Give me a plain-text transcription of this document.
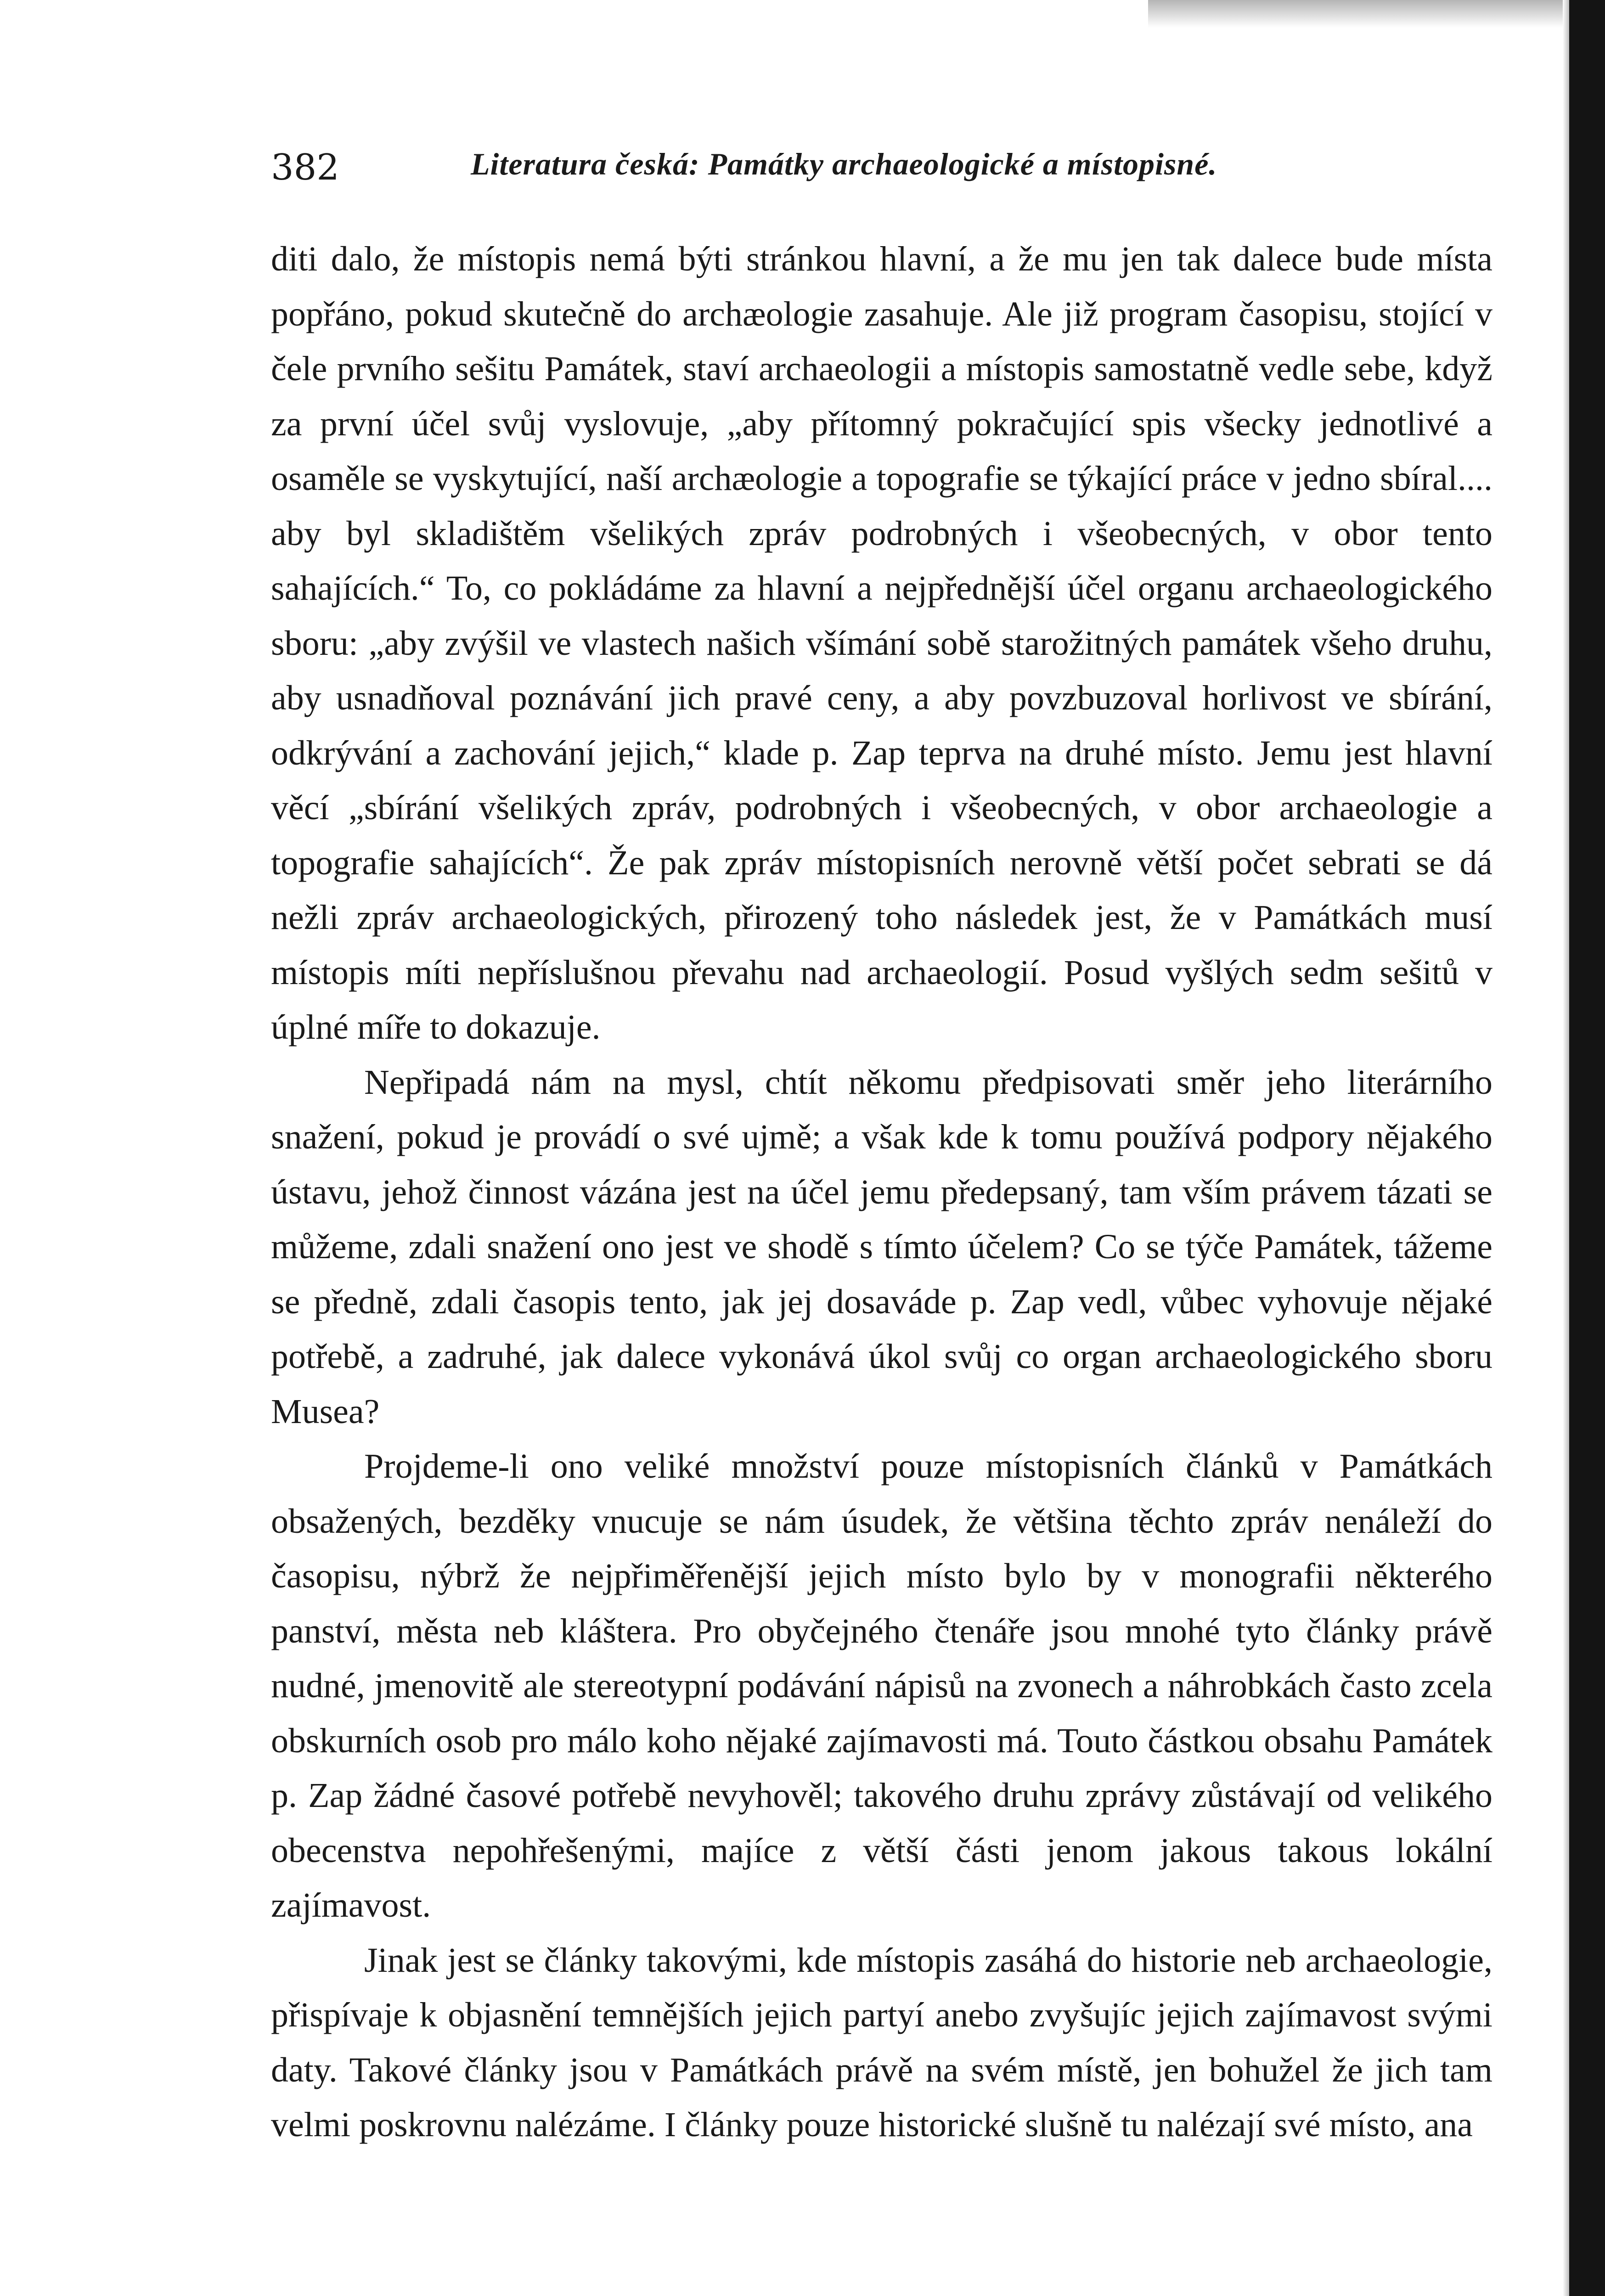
382	Literatura česká: Památky archaeologické a místopisné.

diti dalo, že místopis nemá býti stránkou hlavní, a že mu jen tak dalece bude místa popřáno, pokud skutečně do archæologie zasahuje. Ale již program časopisu, stojící v čele prvního sešitu Památek, staví archaeologii a místopis samostatně vedle sebe, když za první účel svůj vyslovuje, „aby přítomný pokračující spis všecky jednotlivé a osaměle se vyskytující, naší archæologie a topografie se týkající práce v jedno sbíral.... aby byl skladištěm všelikých zpráv podrobných i všeobecných, v obor tento sahajících.“ To, co pokládáme za hlavní a nejpřednější účel organu archaeologického sboru: „aby zvýšil ve vlastech našich všímání sobě starožitných památek všeho druhu, aby usnadňoval poznávání jich pravé ceny, a aby povzbuzoval horlivost ve sbírání, odkrývání a zachování jejich,“ klade p. Zap teprva na druhé místo. Jemu jest hlavní věcí „sbírání všelikých zpráv, podrobných i všeobecných, v obor archaeologie a topografie sahajících“. Že pak zpráv místopisních nerovně větší počet sebrati se dá nežli zpráv archaeologických, přirozený toho následek jest, že v Památkách musí místopis míti nepříslušnou převahu nad archaeologií. Posud vyšlých sedm sešitů v úplné míře to dokazuje.

Nepřipadá nám na mysl, chtít někomu předpisovati směr jeho literárního snažení, pokud je provádí o své ujmě; a však kde k tomu používá podpory nějakého ústavu, jehož činnost vázána jest na účel jemu předepsaný, tam vším právem tázati se můžeme, zdali snažení ono jest ve shodě s tímto účelem? Co se týče Památek, tážeme se předně, zdali časopis tento, jak jej dosaváde p. Zap vedl, vůbec vyhovuje nějaké potřebě, a zadruhé, jak dalece vykonává úkol svůj co organ archaeologického sboru Musea?

Projdeme-li ono veliké množství pouze místopisních článků v Památkách obsažených, bezděky vnucuje se nám úsudek, že většina těchto zpráv nenáleží do časopisu, nýbrž že nejpřiměřenější jejich místo bylo by v monografii některého panství, města neb kláštera. Pro obyčejného čtenáře jsou mnohé tyto články právě nudné, jmenovitě ale stereotypní podávání nápisů na zvonech a náhrobkách často zcela obskurních osob pro málo koho nějaké zajímavosti má. Touto částkou obsahu Památek p. Zap žádné časové potřebě nevyhověl; takového druhu zprávy zůstávají od velikého obecenstva nepohřešenými, majíce z větší části jenom jakous takous lokální zajímavost.

Jinak jest se články takovými, kde místopis zasáhá do historie neb archaeologie, přispívaje k objasnění temnějších jejich partyí anebo zvyšujíc jejich zajímavost svými daty. Takové články jsou v Památkách právě na svém místě, jen bohužel že jich tam velmi poskrovnu nalézáme. I články pouze historické slušně tu nalézají své místo, ana
